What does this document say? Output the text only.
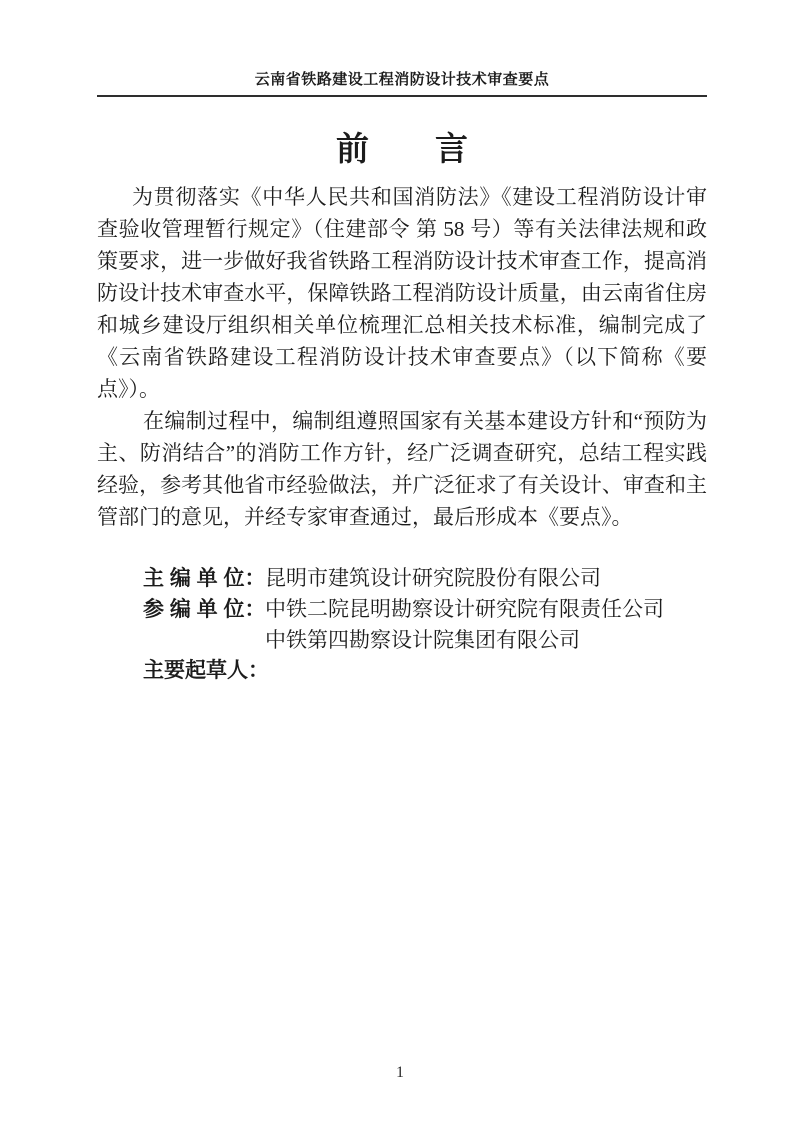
云南省铁路建设工程消防设计技术审查要点
前　　言

为贯彻落实《中华人民共和国消防法》《建设工程消防设计审查验收管理暂行规定》（住建部令 第 58 号）等有关法律法规和政策要求，进一步做好我省铁路工程消防设计技术审查工作，提高消防设计技术审查水平，保障铁路工程消防设计质量，由云南省住房和城乡建设厅组织相关单位梳理汇总相关技术标准，编制完成了《云南省铁路建设工程消防设计技术审查要点》（以下简称《要点》）。

在编制过程中，编制组遵照国家有关基本建设方针和“预防为主、防消结合”的消防工作方针，经广泛调查研究，总结工程实践经验，参考其他省市经验做法，并广泛征求了有关设计、审查和主管部门的意见，并经专家审查通过，最后形成本《要点》。

主 编 单 位： 昆明市建筑设计研究院股份有限公司
参 编 单 位： 中铁二院昆明勘察设计研究院有限责任公司
中铁第四勘察设计院集团有限公司
主要起草人：
1
